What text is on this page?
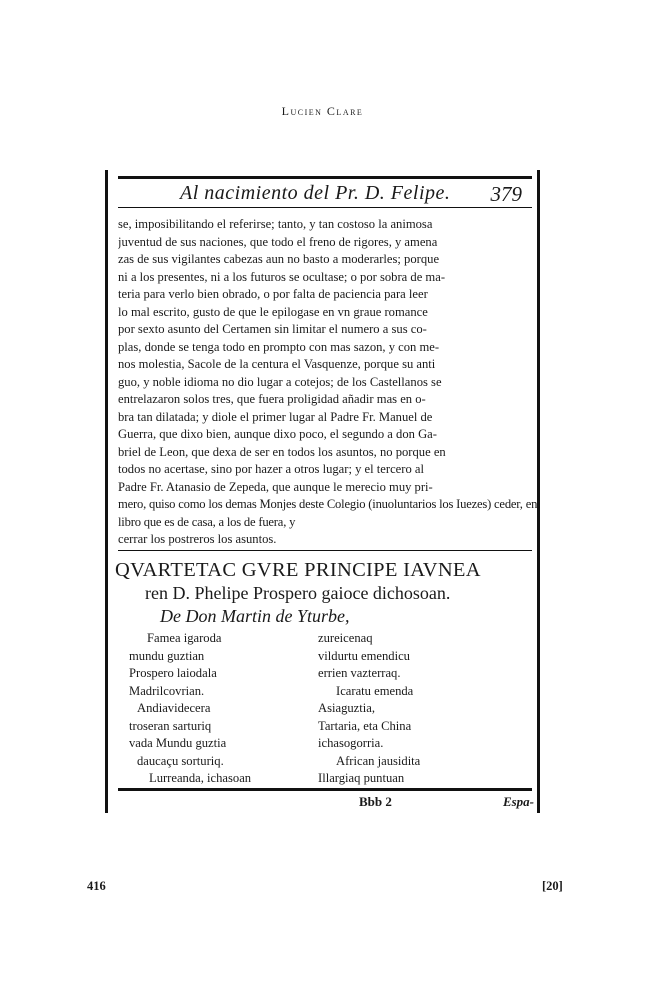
Lucien Clare
Al nacimiento del Pr. D. Felipe. 379
se, imposibilitando el referirse; tanto, y tan costoso la animosa
juventud de sus naciones, que todo el freno de rigores, y amena
zas de sus vigilantes cabezas aun no basto a moderarles; porque
ni a los presentes, ni a los futuros se ocultase; o por sobra de ma-
teria para verlo bien obrado, o por falta de paciencia para leer
lo mal escrito, gusto de que le epilogase en vn graue romance
por sexto asunto del Certamen sin limitar el numero a sus co-
plas, donde se tenga todo en prompto con mas sazon, y con me-
nos molestia, Sacole de la centura el Vasquenze, porque su anti
guo, y noble idioma no dio lugar a cotejos; de los Castellanos se
entrelazaron solos tres, que fuera proligidad añadir mas en o-
bra tan dilatada; y diole el primer lugar al Padre Fr. Manuel de
Guerra, que dixo bien, aunque dixo poco, el segundo a don Ga-
briel de Leon, que dexa de ser en todos los asuntos, no porque en
todos no acertase, sino por hazer a otros lugar; y el tercero al
Padre Fr. Atanasio de Zepeda, que aunque le merecio muy pri-
mero, quiso como los demas Monjes deste Colegio (inuoluntarios los Iuezes) ceder, en libro que es de casa, a los de fuera, y
cerrar los postreros los asuntos.
QVARTETAC GVRE PRINCIPE IAVNEA
ren D. Phelipe Prospero gaioce dichosoan.
De Don Martin de Yturbe,
Famea igaroda
mundu guztian
Prospero laiodala
Madrilcovrian.
Andiavidecera
troseran sarturiq
vada Mundu guztia
daucaçu sorturiq.
Lurreanda, ichasoan
zureicenaq
vildurtu emendicu
errien vazterraq.
Icaratu emenda
Asiaguztia,
Tartaria, eta China
ichasogorria.
African jausidita
Illargiaq puntuan
Bbb 2	Espa-
416	[20]
